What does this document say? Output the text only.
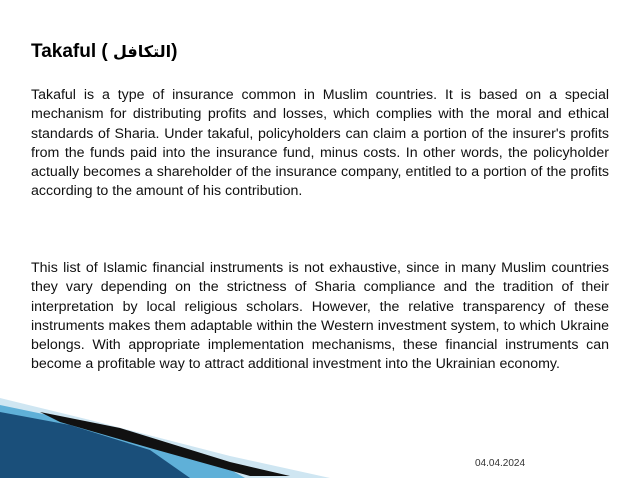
Takaful ( التكافل)

Takaful is a type of insurance common in Muslim countries. It is based on a special mechanism for distributing profits and losses, which complies with the moral and ethical standards of Sharia. Under takaful, policyholders can claim a portion of the insurer's profits from the funds paid into the insurance fund, minus costs. In other words, the policyholder actually becomes a shareholder of the insurance company, entitled to a portion of the profits according to the amount of his contribution.

This list of Islamic financial instruments is not exhaustive, since in many Muslim countries they vary depending on the strictness of Sharia compliance and the tradition of their interpretation by local religious scholars. However, the relative transparency of these instruments makes them adaptable within the Western investment system, to which Ukraine belongs. With appropriate implementation mechanisms, these financial instruments can become a profitable way to attract additional investment into the Ukrainian economy.

04.04.2024
